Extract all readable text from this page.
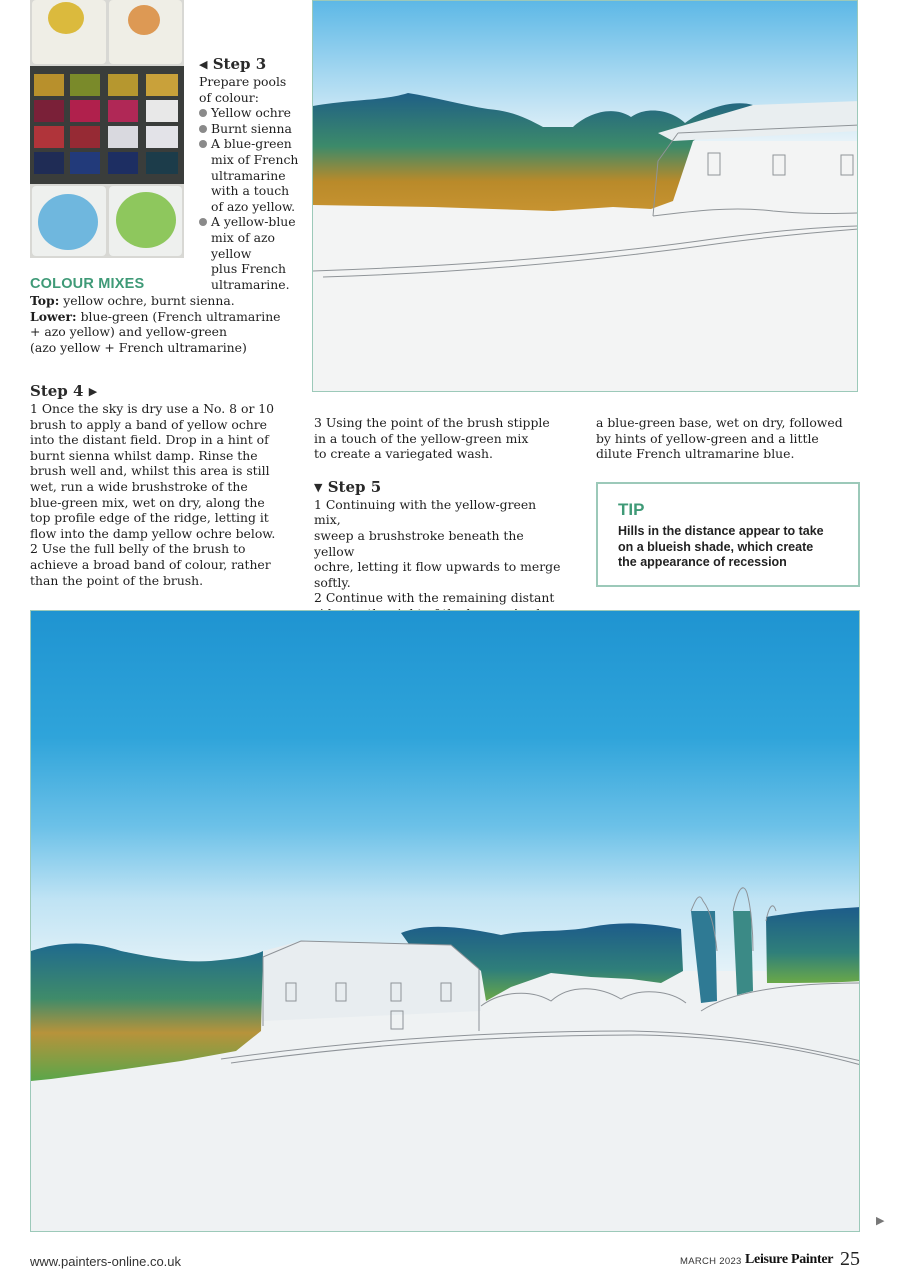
◀ Step 3

Prepare pools

of colour:

Yellow ochre
Burnt sienna
A blue-green
mix of French
ultramarine
with a touch
of azo yellow.
A yellow-blue
mix of azo yellow
plus French
ultramarine.
COLOUR MIXES

Top: yellow ochre, burnt sienna.

Lower: blue-green (French ultramarine

+ azo yellow) and yellow-green

(azo yellow + French ultramarine)

Step 4 ▶

1 Once the sky is dry use a No. 8 or 10

brush to apply a band of yellow ochre

into the distant field. Drop in a hint of

burnt sienna whilst damp. Rinse the

brush well and, whilst this area is still

wet, run a wide brushstroke of the

blue-green mix, wet on dry, along the

top profile edge of the ridge, letting it

flow into the damp yellow ochre below.

2 Use the full belly of the brush to

achieve a broad band of colour, rather

than the point of the brush.

3 Using the point of the brush stipple

in a touch of the yellow-green mix

to create a variegated wash.

▼ Step 5

1 Continuing with the yellow-green mix,

sweep a brushstroke beneath the yellow

ochre, letting it flow upwards to merge

softly.

2 Continue with the remaining distant

a blue-green base, wet on dry, followed

by hints of yellow-green and a little

dilute French ultramarine blue.

TIP
Hills in the distance appear to take
on a blueish shade, which create
the appearance of recession
www.painters-online.co.uk	MARCH 2023 Leisure Painter 25
▶
